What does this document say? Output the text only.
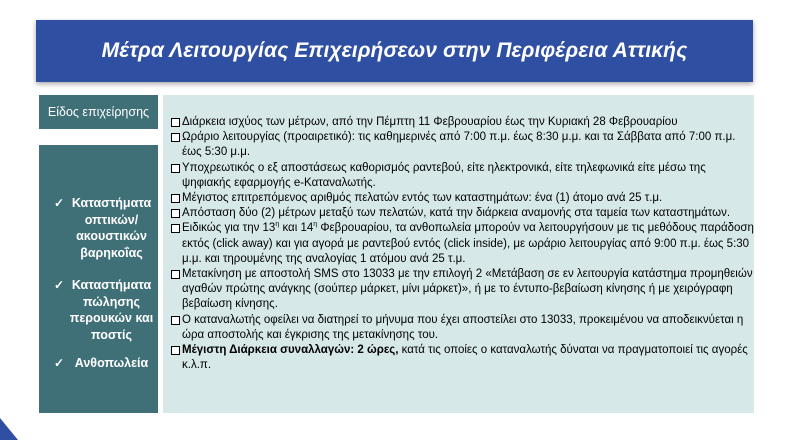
Μέτρα Λειτουργίας Επιχειρήσεων στην Περιφέρεια Αττικής
Είδος επιχείρησης
✓ Καταστήματα οπτικών/ακουστικών βαρηκοΐας
✓ Καταστήματα πώλησης περουκών και ποστίς
✓ Ανθοπωλεία
Διάρκεια ισχύος των μέτρων, από την Πέμπτη 11 Φεβρουαρίου έως την Κυριακή 28 Φεβρουαρίου
Ωράριο λειτουργίας (προαιρετικό): τις καθημερινές από 7:00 π.μ. έως 8:30 μ.μ. και τα Σάββατα από 7:00 π.μ. έως 5:30 μ.μ.
Υποχρεωτικός ο εξ αποστάσεως καθορισμός ραντεβού, είτε ηλεκτρονικά, είτε τηλεφωνικά είτε μέσω της ψηφιακής εφαρμογής e-Καταναλωτής.
Μέγιστος επιτρεπόμενος αριθμός πελατών εντός των καταστημάτων: ένα (1) άτομο ανά 25 τ.μ.
Απόσταση δύο (2) μέτρων μεταξύ των πελατών, κατά την διάρκεια αναμονής στα ταμεία των καταστημάτων.
Ειδικώς για την $13^\eta$ και $14^\eta$ Φεβρουαρίου, τα ανθοπωλεία μπορούν να λειτουργήσουν με τις μεθόδους παράδοση εκτός (click away) και για αγορά με ραντεβού εντός (click inside), με ωράριο λειτουργίας από 9:00 π.μ. έως 5:30 μ.μ. και τηρουμένης της αναλογίας 1 ατόμου ανά 25 τ.μ.
Μετακίνηση με αποστολή SMS στο 13033 με την επιλογή 2 «Μετάβαση σε εν λειτουργία κατάστημα προμηθειών αγαθών πρώτης ανάγκης (σούπερ μάρκετ, μίνι μάρκετ)», ή με το έντυπο-βεβαίωση κίνησης ή με χειρόγραφη βεβαίωση κίνησης.
Ο καταναλωτής οφείλει να διατηρεί το μήνυμα που έχει αποστείλει στο 13033, προκειμένου να αποδεικνύεται η ώρα αποστολής και έγκρισης της μετακίνησης του.
Μέγιστη Διάρκεια συναλλαγών: 2 ώρες, κατά τις οποίες ο καταναλωτής δύναται να πραγματοποιεί τις αγορές κ.λ.π.
